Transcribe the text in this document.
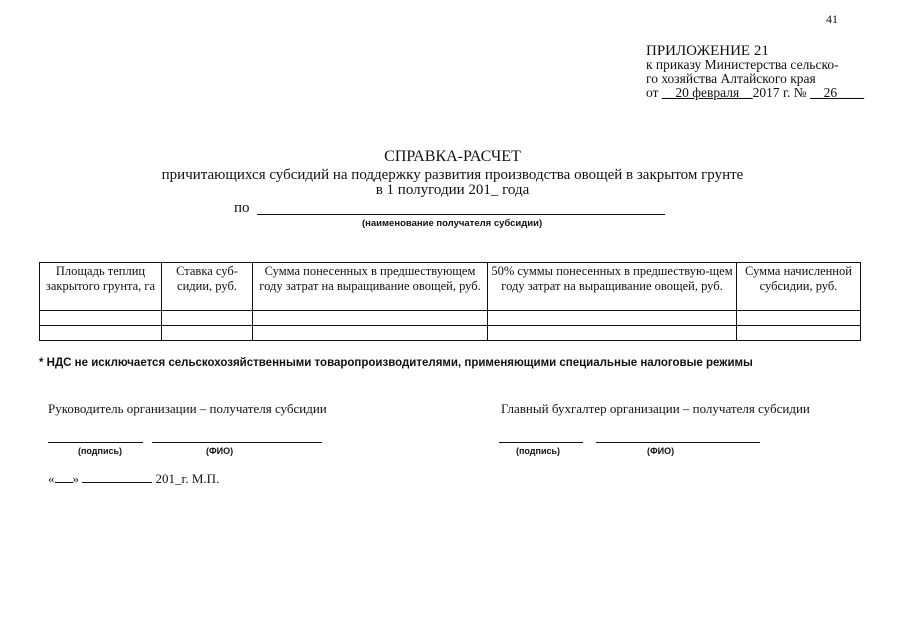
41
ПРИЛОЖЕНИЕ 21
к приказу Министерства сельско-
го хозяйства Алтайского края
от __20 февраля__2017 г. № __26____
СПРАВКА-РАСЧЕТ
причитающихся субсидий на поддержку развития производства овощей в закрытом грунте
в 1 полугодии 201_ года
по
(наименование получателя субсидии)
Площадь теплиц закрытого грунта, га	Ставка суб-сидии, руб.	Сумма понесенных в предшествующем году затрат на выращивание овощей, руб.	50% суммы понесенных в предшествую-щем году затрат на выращивание овощей, руб.	Сумма начисленной субсидии, руб.

* НДС не исключается сельскохозяйственными товаропроизводителями, применяющими специальные налоговые режимы
Руководитель организации – получателя субсидии	Главный бухгалтер организации – получателя субсидии
(подпись)	(ФИО)	(подпись)	(ФИО)
« »	201_г. М.П.
